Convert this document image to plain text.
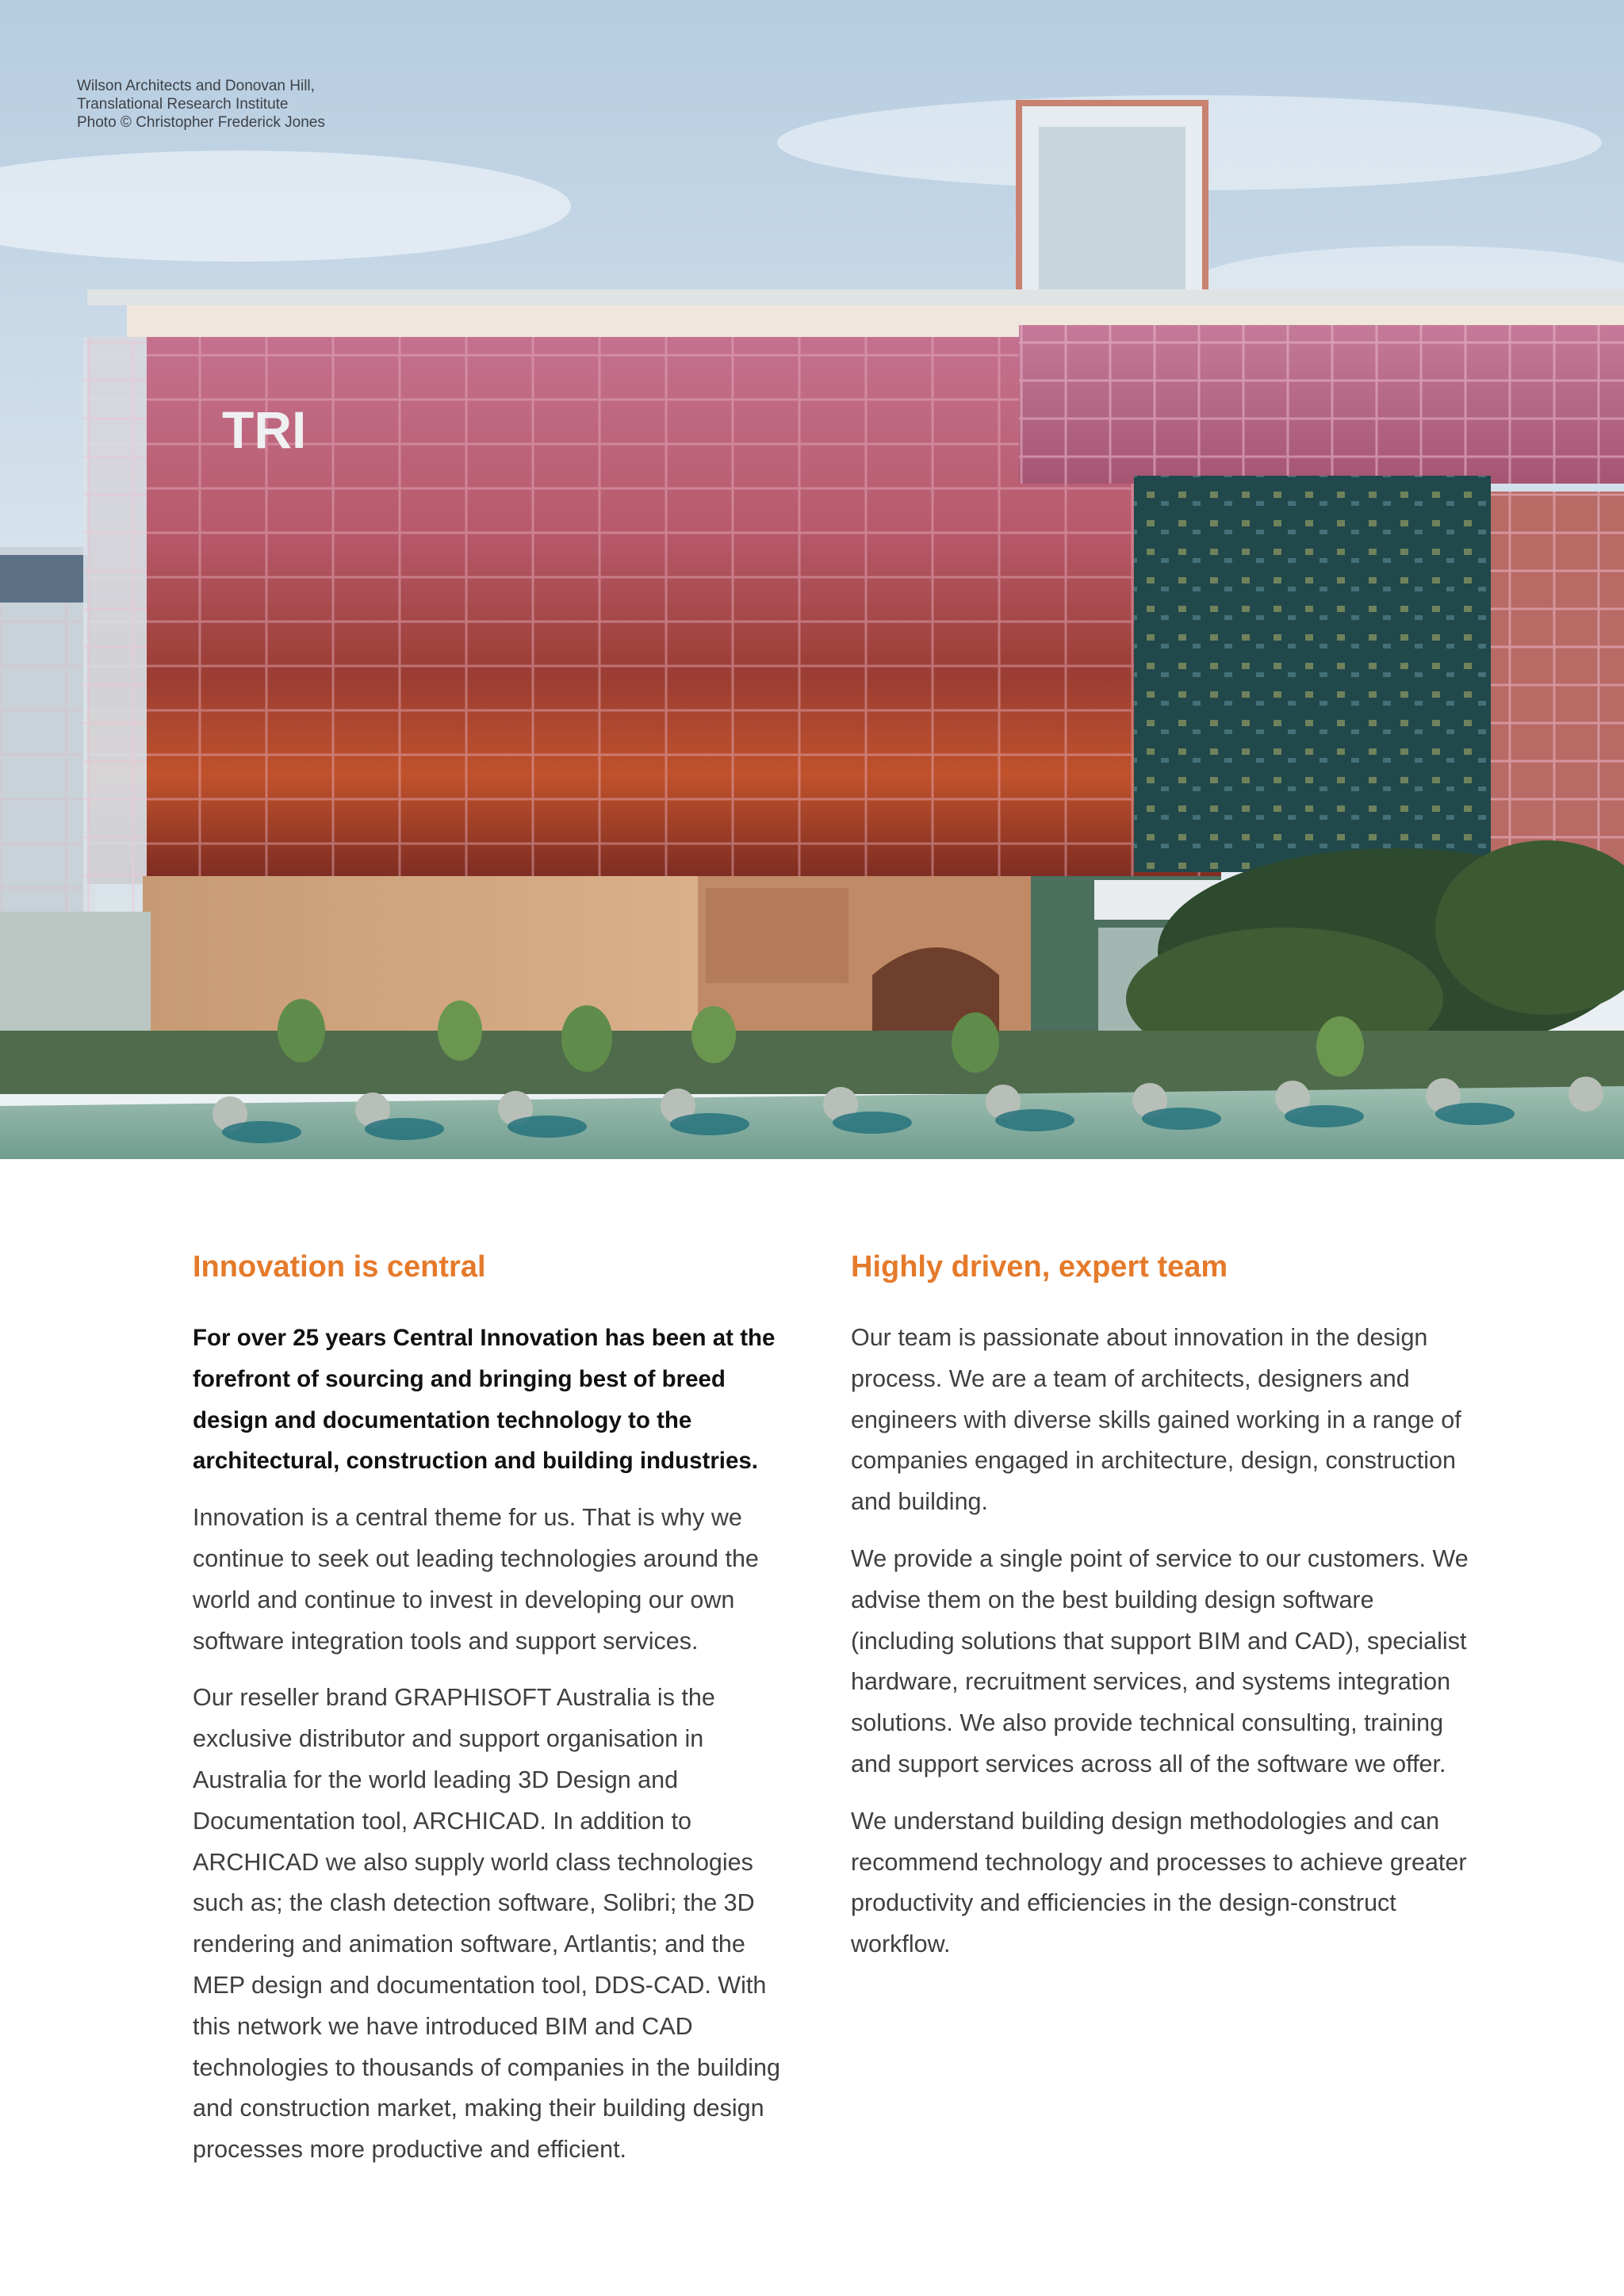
TRI
Wilson Architects and Donovan Hill,
Translational Research Institute
Photo © Christopher Frederick Jones
Innovation is central

For over 25 years Central Innovation has been at the forefront of sourcing and bringing best of breed design and documentation technology to the architectural, construction and building industries.

Innovation is a central theme for us. That is why we continue to seek out leading technologies around the world and continue to invest in developing our own software integration tools and support services.

Our reseller brand GRAPHISOFT Australia is the exclusive distributor and support organisation in Australia for the world leading 3D Design and Documentation tool, ARCHICAD. In addition to ARCHICAD we also supply world class technologies such as; the clash detection software, Solibri; the 3D rendering and animation software, Artlantis; and the MEP design and documentation tool, DDS-CAD. With this network we have introduced BIM and CAD technologies to thousands of companies in the building and construction market, making their building design processes more productive and efficient.

Highly driven, expert team

Our team is passionate about innovation in the design process. We are a team of architects, designers and engineers with diverse skills gained working in a range of companies engaged in architecture, design, construction and building.

We provide a single point of service to our customers. We advise them on the best building design software (including solutions that support BIM and CAD), specialist hardware, recruitment services, and systems integration solutions. We also provide technical consulting, training and support services across all of the software we offer.

We understand building design methodologies and can recommend technology and processes to achieve greater productivity and efficiencies in the design-construct workflow.
